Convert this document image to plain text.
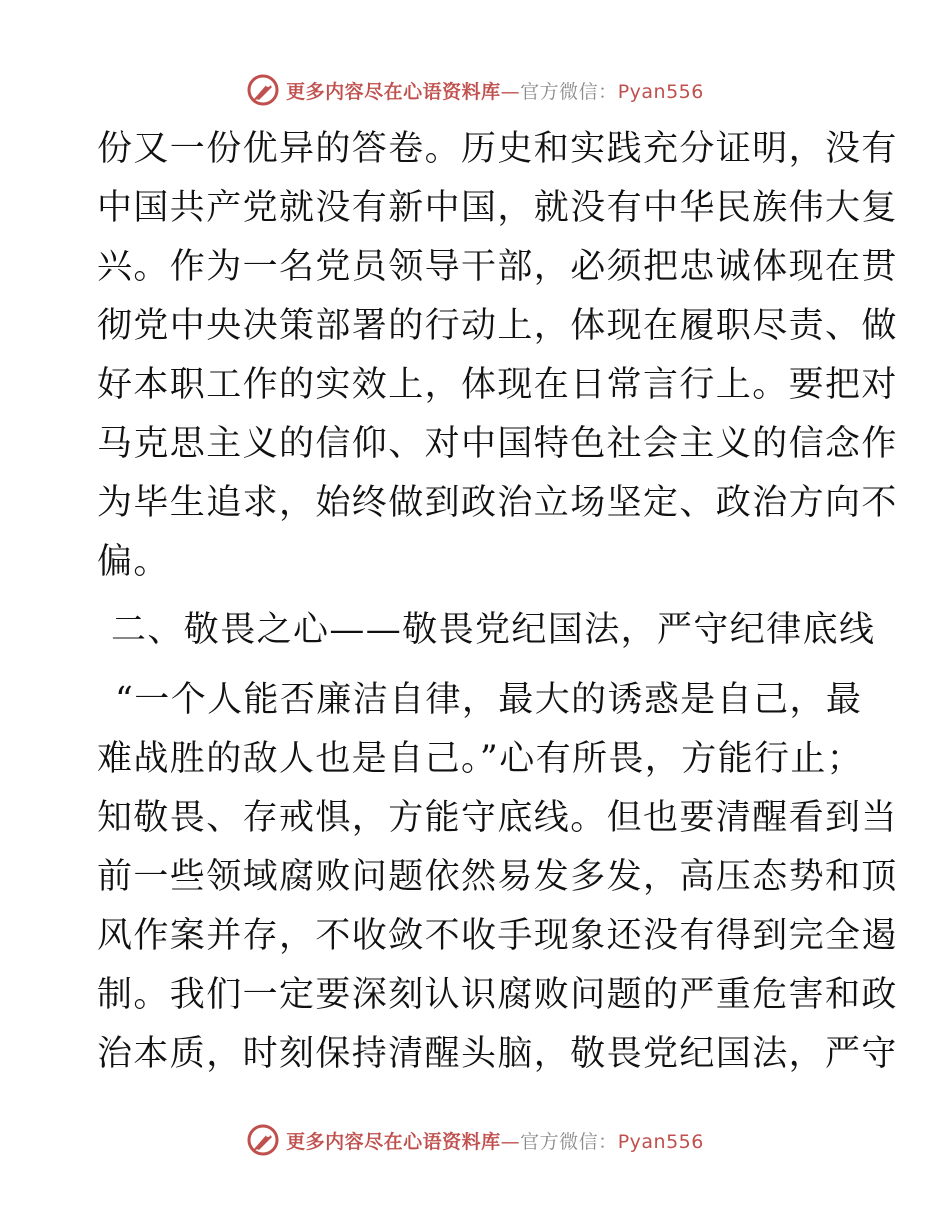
更多内容尽在心语资料库—官方微信：Pyan556
份又一份优异的答卷。历史和实践充分证明，没有
中国共产党就没有新中国，就没有中华民族伟大复
兴。作为一名党员领导干部，必须把忠诚体现在贯
彻党中央决策部署的行动上，体现在履职尽责、做
好本职工作的实效上，体现在日常言行上。要把对
马克思主义的信仰、对中国特色社会主义的信念作
为毕生追求，始终做到政治立场坚定、政治方向不
偏。
二、敬畏之心——敬畏党纪国法，严守纪律底线
“一个人能否廉洁自律，最大的诱惑是自己，最
难战胜的敌人也是自己。”心有所畏，方能行止；
知敬畏、存戒惧，方能守底线。但也要清醒看到当
前一些领域腐败问题依然易发多发，高压态势和顶
风作案并存，不收敛不收手现象还没有得到完全遏
制。我们一定要深刻认识腐败问题的严重危害和政
治本质，时刻保持清醒头脑，敬畏党纪国法，严守
更多内容尽在心语资料库—官方微信：Pyan556
